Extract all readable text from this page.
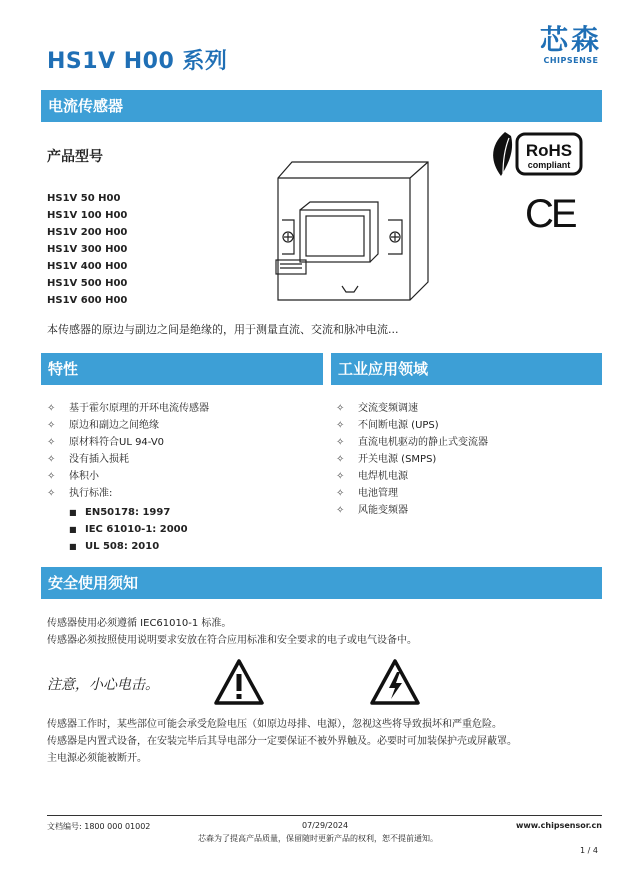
HS1V H00 系列
芯森
CHIPSENSE
电流传感器
产品型号
HS1V 50 H00
HS1V 100 H00
HS1V 200 H00
HS1V 300 H00
HS1V 400 H00
HS1V 500 H00
HS1V 600 H00
RoHS
compliant
CE
本传感器的原边与副边之间是绝缘的，用于测量直流、交流和脉冲电流...
特性
✧ 基于霍尔原理的开环电流传感器
✧ 原边和副边之间绝缘
✧ 原材料符合UL 94-V0
✧ 没有插入损耗
✧ 体积小
✧ 执行标准:
■ EN50178: 1997
■ IEC 61010-1: 2000
■ UL 508: 2010
工业应用领域
✧ 交流变频调速
✧ 不间断电源 (UPS)
✧ 直流电机驱动的静止式变流器
✧ 开关电源 (SMPS)
✧ 电焊机电源
✧ 电池管理
✧ 风能变频器
安全使用须知
传感器使用必须遵循 IEC61010-1 标准。
传感器必须按照使用说明要求安放在符合应用标准和安全要求的电子或电气设备中。
注意，小心电击。
传感器工作时，某些部位可能会承受危险电压（如原边母排、电源），忽视这些将导致损坏和严重危险。
传感器是内置式设备，在安装完毕后其导电部分一定要保证不被外界触及。必要时可加装保护壳或屏蔽罩。
主电源必须能被断开。
文档编号: 1800 000 01002	07/29/2024	www.chipsensor.cn
芯森为了提高产品质量，保留随时更新产品的权利，恕不提前通知。
1 / 4
